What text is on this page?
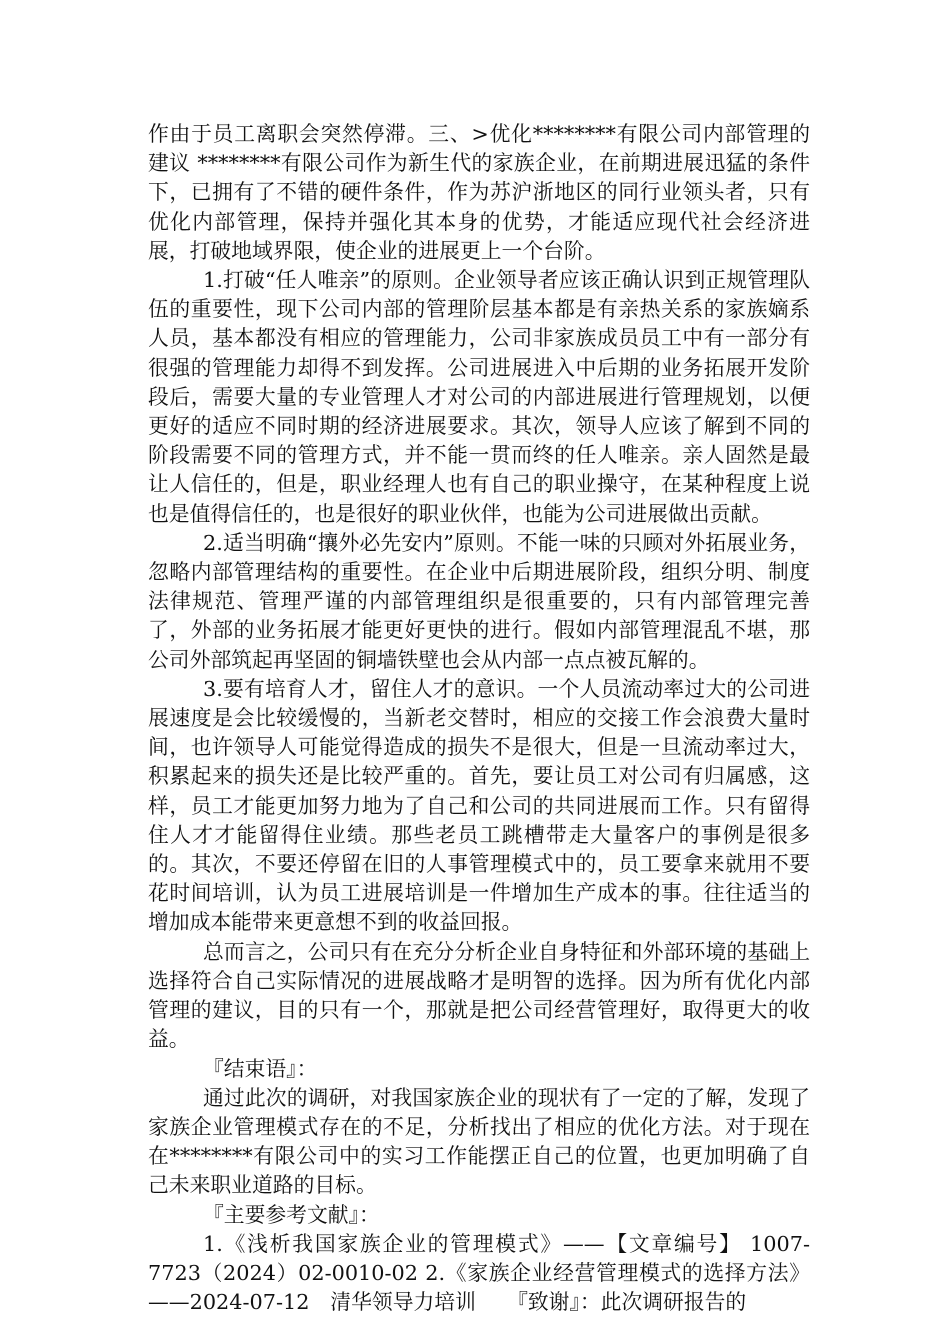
作由于员工离职会突然停滞。三、>优化********有限公司内部管理的建议 ********有限公司作为新生代的家族企业，在前期进展迅猛的条件下，已拥有了不错的硬件条件，作为苏沪浙地区的同行业领头者，只有优化内部管理，保持并强化其本身的优势，才能适应现代社会经济进展，打破地域界限，使企业的进展更上一个台阶。

1.打破“任人唯亲”的原则。企业领导者应该正确认识到正规管理队伍的重要性，现下公司内部的管理阶层基本都是有亲热关系的家族嫡系人员，基本都没有相应的管理能力，公司非家族成员员工中有一部分有很强的管理能力却得不到发挥。公司进展进入中后期的业务拓展开发阶段后，需要大量的专业管理人才对公司的内部进展进行管理规划，以便更好的适应不同时期的经济进展要求。其次，领导人应该了解到不同的阶段需要不同的管理方式，并不能一贯而终的任人唯亲。亲人固然是最让人信任的，但是，职业经理人也有自己的职业操守，在某种程度上说也是值得信任的，也是很好的职业伙伴，也能为公司进展做出贡献。

2.适当明确“攘外必先安内”原则。不能一味的只顾对外拓展业务，忽略内部管理结构的重要性。在企业中后期进展阶段，组织分明、制度法律规范、管理严谨的内部管理组织是很重要的，只有内部管理完善了，外部的业务拓展才能更好更快的进行。假如内部管理混乱不堪，那公司外部筑起再坚固的铜墙铁壁也会从内部一点点被瓦解的。

3.要有培育人才，留住人才的意识。一个人员流动率过大的公司进展速度是会比较缓慢的，当新老交替时，相应的交接工作会浪费大量时间，也许领导人可能觉得造成的损失不是很大，但是一旦流动率过大，积累起来的损失还是比较严重的。首先，要让员工对公司有归属感，这样，员工才能更加努力地为了自己和公司的共同进展而工作。只有留得住人才才能留得住业绩。那些老员工跳槽带走大量客户的事例是很多的。其次，不要还停留在旧的人事管理模式中的，员工要拿来就用不要花时间培训，认为员工进展培训是一件增加生产成本的事。往往适当的增加成本能带来更意想不到的收益回报。

总而言之，公司只有在充分分析企业自身特征和外部环境的基础上选择符合自己实际情况的进展战略才是明智的选择。因为所有优化内部管理的建议，目的只有一个，那就是把公司经营管理好，取得更大的收益。

『结束语』：

通过此次的调研，对我国家族企业的现状有了一定的了解，发现了家族企业管理模式存在的不足，分析找出了相应的优化方法。对于现在在********有限公司中的实习工作能摆正自己的位置，也更加明确了自己未来职业道路的目标。

『主要参考文献』：

1.《浅析我国家族企业的管理模式》——【文章编号】 1007-7723（2024）02-0010-02 2.《家族企业经营管理模式的选择方法》——2024-07-12　清华领导力培训　　『致谢』：此次调研报告的
